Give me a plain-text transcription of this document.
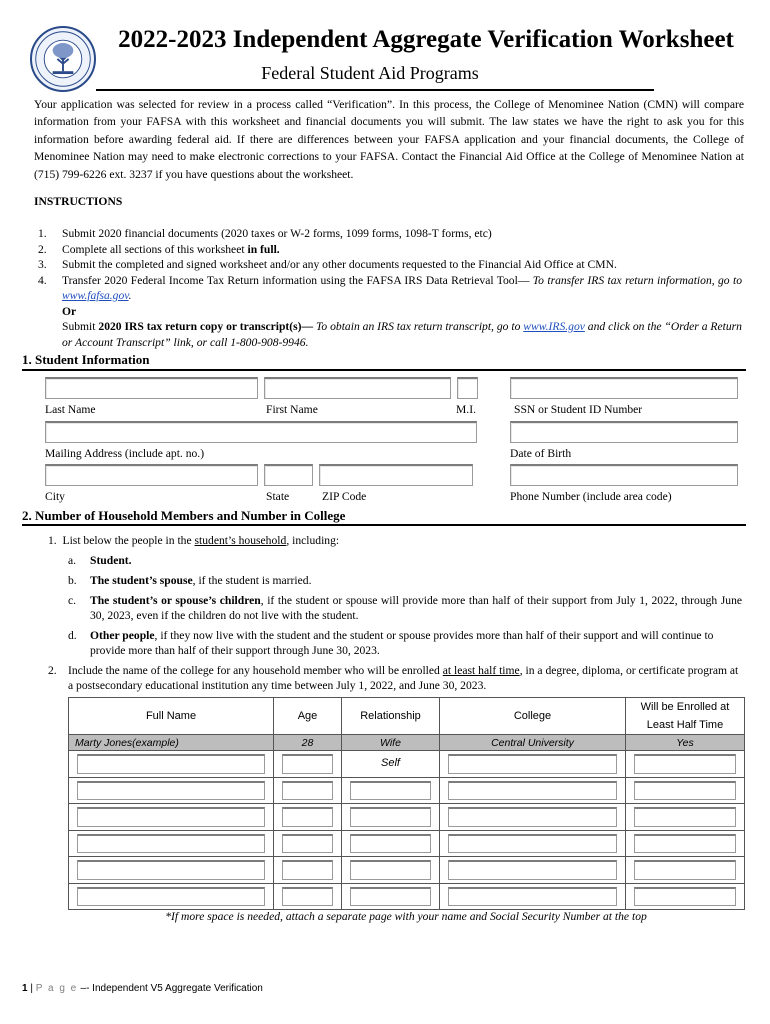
2022-2023 Independent Aggregate Verification Worksheet
Federal Student Aid Programs
Your application was selected for review in a process called “Verification”. In this process, the College of Menominee Nation (CMN) will compare information from your FAFSA with this worksheet and financial documents you will submit. The law states we have the right to ask you for this information before awarding federal aid. If there are differences between your FAFSA application and your financial documents, the College of Menominee Nation may need to make electronic corrections to your FAFSA. Contact the Financial Aid Office at the College of Menominee Nation at (715) 799-6226 ext. 3237 if you have questions about the worksheet.
INSTRUCTIONS
1. Submit 2020 financial documents (2020 taxes or W-2 forms, 1099 forms, 1098-T forms, etc)
2. Complete all sections of this worksheet in full.
3. Submit the completed and signed worksheet and/or any other documents requested to the Financial Aid Office at CMN.
4. Transfer 2020 Federal Income Tax Return information using the FAFSA IRS Data Retrieval Tool— To transfer IRS tax return information, go to www.fafsa.gov.
Or
Submit 2020 IRS tax return copy or transcript(s)— To obtain an IRS tax return transcript, go to www.IRS.gov and click on the “Order a Return or Account Transcript” link, or call 1-800-908-9946.
1. Student Information
Last Name	First Name	M.I.	SSN or Student ID Number
Mailing Address (include apt. no.)	Date of Birth
City	State	ZIP Code	Phone Number (include area code)
2. Number of Household Members and Number in College
1.  List below the people in the student’s household, including:
a. Student.
b. The student’s spouse, if the student is married.
c. The student’s or spouse’s children, if the student or spouse will provide more than half of their support from July 1, 2022, through June 30, 2023, even if the children do not live with the student.
d. Other people, if they now live with the student and the student or spouse provides more than half of their support and will continue to provide more than half of their support through June 30, 2023.
2. Include the name of the college for any household member who will be enrolled at least half time, in a degree, diploma, or certificate program at a postsecondary educational institution any time between July 1, 2022, and June 30, 2023.
Full Name	Age	Relationship	College	Will be Enrolled at Least Half Time
Marty Jones(example)	28	Wife	Central University	Yes

		Self		

*If more space is needed, attach a separate page with your name and Social Security Number at the top
1 | P a g e –- Independent V5 Aggregate Verification
